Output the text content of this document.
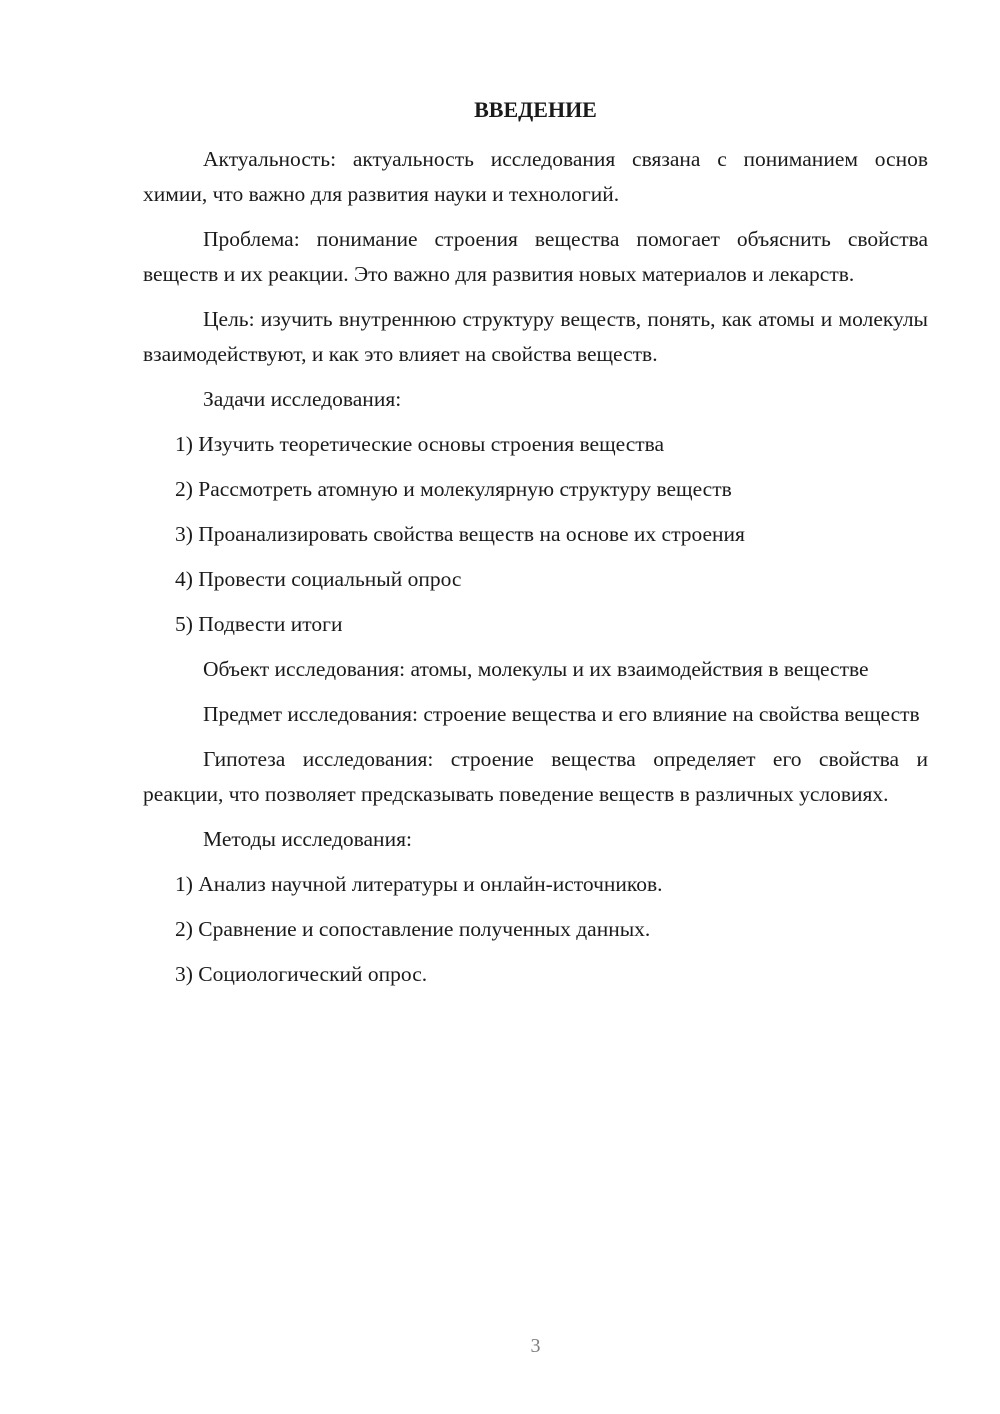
ВВЕДЕНИЕ

Актуальность: актуальность исследования связана с пониманием основ химии, что важно для развития науки и технологий.

Проблема: понимание строения вещества помогает объяснить свойства веществ и их реакции. Это важно для развития новых материалов и лекарств.

Цель: изучить внутреннюю структуру веществ, понять, как атомы и молекулы взаимодействуют, и как это влияет на свойства веществ.

Задачи исследования:

1) Изучить теоретические основы строения вещества

2) Рассмотреть атомную и молекулярную структуру веществ

3) Проанализировать свойства веществ на основе их строения

4) Провести социальный опрос

5) Подвести итоги

Объект исследования: атомы, молекулы и их взаимодействия в веществе

Предмет исследования: строение вещества и его влияние на свойства веществ

Гипотеза исследования: строение вещества определяет его свойства и реакции, что позволяет предсказывать поведение веществ в различных условиях.

Методы исследования:

1) Анализ научной литературы и онлайн-источников.

2) Сравнение и сопоставление полученных данных.

3) Социологический опрос.

3
